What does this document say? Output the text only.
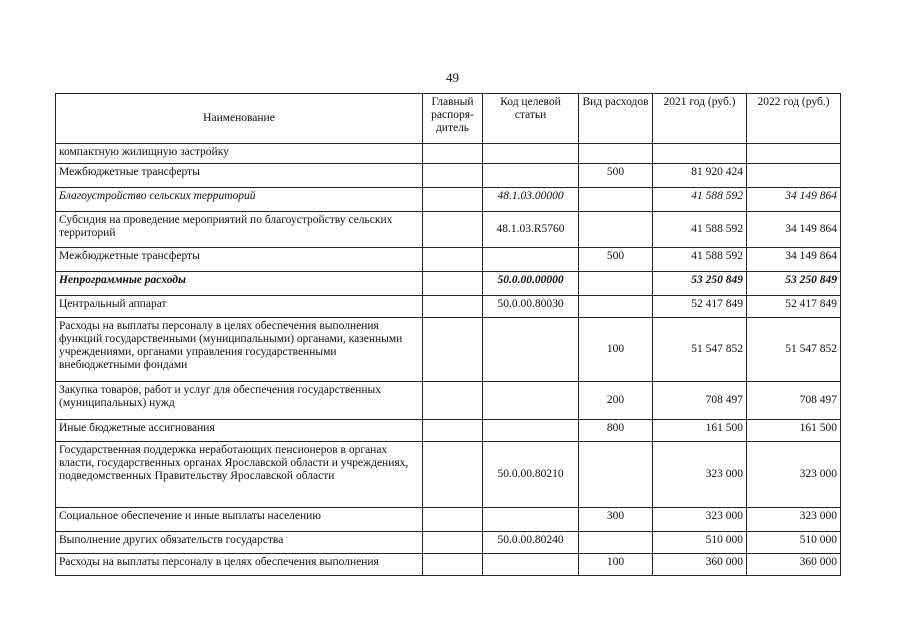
49
Наименование	Главный распоря- дитель	Код целевой статьи	Вид расходов	2021 год (руб.)	2022 год (руб.)
компактную жилищную застройку					
Межбюджетные трансферты			500	81 920 424	
Благоустройство сельских территорий		48.1.03.00000		41 588 592	34 149 864
Субсидия на проведение мероприятий по благоустройству сельских территорий		48.1.03.R5760		41 588 592	34 149 864
Межбюджетные трансферты			500	41 588 592	34 149 864
Непрограммные расходы		50.0.00.00000		53 250 849	53 250 849
Центральный аппарат		50.0.00.80030		52 417 849	52 417 849
Расходы на выплаты персоналу в целях обеспечения выполнения функций государственными (муниципальными) органами, казенными учреждениями, органами управления государственными внебюджетными фондами			100	51 547 852	51 547 852
Закупка товаров, работ и услуг для обеспечения государственных (муниципальных) нужд			200	708 497	708 497
Иные бюджетные ассигнования			800	161 500	161 500
Государственная поддержка неработающих пенсионеров в органах власти, государственных органах Ярославской области и учреждениях, подведомственных Правительству Ярославской области		50.0.00.80210		323 000	323 000
Социальное обеспечение и иные выплаты населению			300	323 000	323 000
Выполнение других обязательств государства		50.0.00.80240		510 000	510 000
Расходы на выплаты персоналу в целях обеспечения выполнения			100	360 000	360 000
